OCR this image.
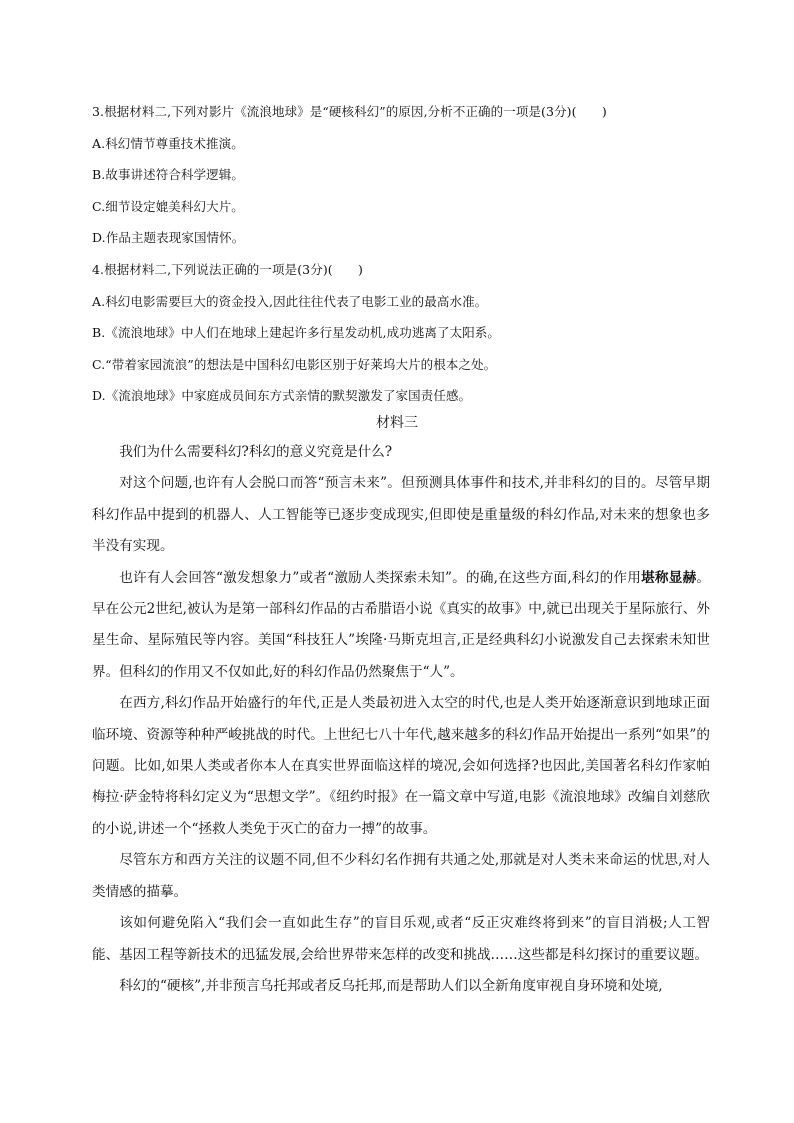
3.根据材料二,下列对影片《流浪地球》是“硬核科幻”的原因,分析不正确的一项是(3分)(　　)
A.科幻情节尊重技术推演。
B.故事讲述符合科学逻辑。
C.细节设定媲美科幻大片。
D.作品主题表现家国情怀。
4.根据材料二,下列说法正确的一项是(3分)(　　)
A.科幻电影需要巨大的资金投入,因此往往代表了电影工业的最高水准。
B.《流浪地球》中人们在地球上建起许多行星发动机,成功逃离了太阳系。
C.“带着家园流浪”的想法是中国科幻电影区别于好莱坞大片的根本之处。
D.《流浪地球》中家庭成员间东方式亲情的默契激发了家国责任感。
材料三

我们为什么需要科幻?科幻的意义究竟是什么?

对这个问题,也许有人会脱口而答“预言未来”。但预测具体事件和技术,并非科幻的目的。尽管早期科幻作品中提到的机器人、人工智能等已逐步变成现实,但即使是重量级的科幻作品,对未来的想象也多半没有实现。

也许有人会回答“激发想象力”或者“激励人类探索未知”。的确,在这些方面,科幻的作用堪称显赫。早在公元2世纪,被认为是第一部科幻作品的古希腊语小说《真实的故事》中,就已出现关于星际旅行、外星生命、星际殖民等内容。美国“科技狂人”埃隆·马斯克坦言,正是经典科幻小说激发自己去探索未知世界。但科幻的作用又不仅如此,好的科幻作品仍然聚焦于“人”。

在西方,科幻作品开始盛行的年代,正是人类最初进入太空的时代,也是人类开始逐渐意识到地球正面临环境、资源等种种严峻挑战的时代。上世纪七八十年代,越来越多的科幻作品开始提出一系列“如果”的问题。比如,如果人类或者你本人在真实世界面临这样的境况,会如何选择?也因此,美国著名科幻作家帕梅拉·萨金特将科幻定义为“思想文学”。《纽约时报》在一篇文章中写道,电影《流浪地球》改编自刘慈欣的小说,讲述一个“拯救人类免于灭亡的奋力一搏”的故事。

尽管东方和西方关注的议题不同,但不少科幻名作拥有共通之处,那就是对人类未来命运的忧思,对人类情感的描摹。

该如何避免陷入“我们会一直如此生存”的盲目乐观,或者“反正灾难终将到来”的盲目消极;人工智能、基因工程等新技术的迅猛发展,会给世界带来怎样的改变和挑战……这些都是科幻探讨的重要议题。

科幻的“硬核”,并非预言乌托邦或者反乌托邦,而是帮助人们以全新角度审视自身环境和处境,
